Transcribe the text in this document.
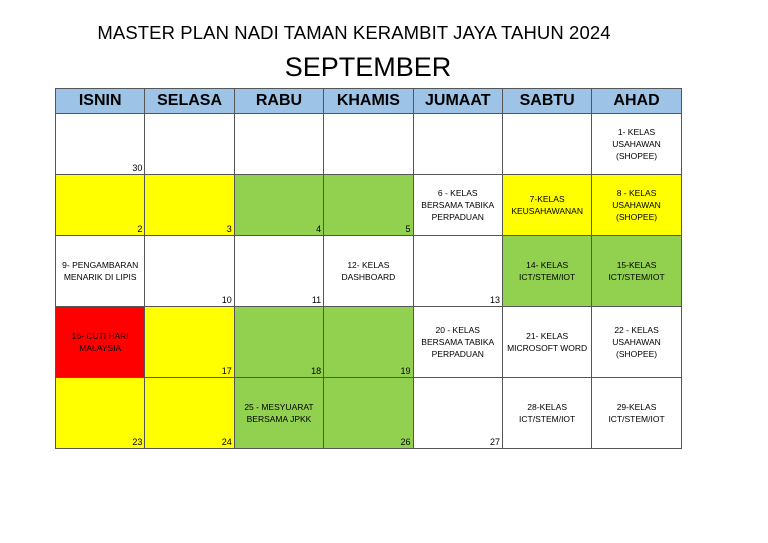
MASTER PLAN NADI TAMAN KERAMBIT JAYA TAHUN 2024
SEPTEMBER
ISNIN	SELASA	RABU	KHAMIS	JUMAAT	SABTU	AHAD

30						1- KELAS USAHAWAN (SHOPEE)

2	3	4	5	6 - KELAS BERSAMA TABIKA PERPADUAN	7-KELAS KEUSAHAWANAN	8 - KELAS USAHAWAN (SHOPEE)

9- PENGAMBARAN MENARIK DI LIPIS	10	11	12- KELAS DASHBOARD	13	14- KELAS ICT/STEM/IOT	15-KELAS ICT/STEM/IOT

16- CUTI HARI MALAYSIA	17	18	19	20 - KELAS BERSAMA TABIKA PERPADUAN	21- KELAS MICROSOFT WORD	22 - KELAS USAHAWAN (SHOPEE)

23	24	25 - MESYUARAT BERSAMA JPKK	26	27	28-KELAS ICT/STEM/IOT	29-KELAS ICT/STEM/IOT
